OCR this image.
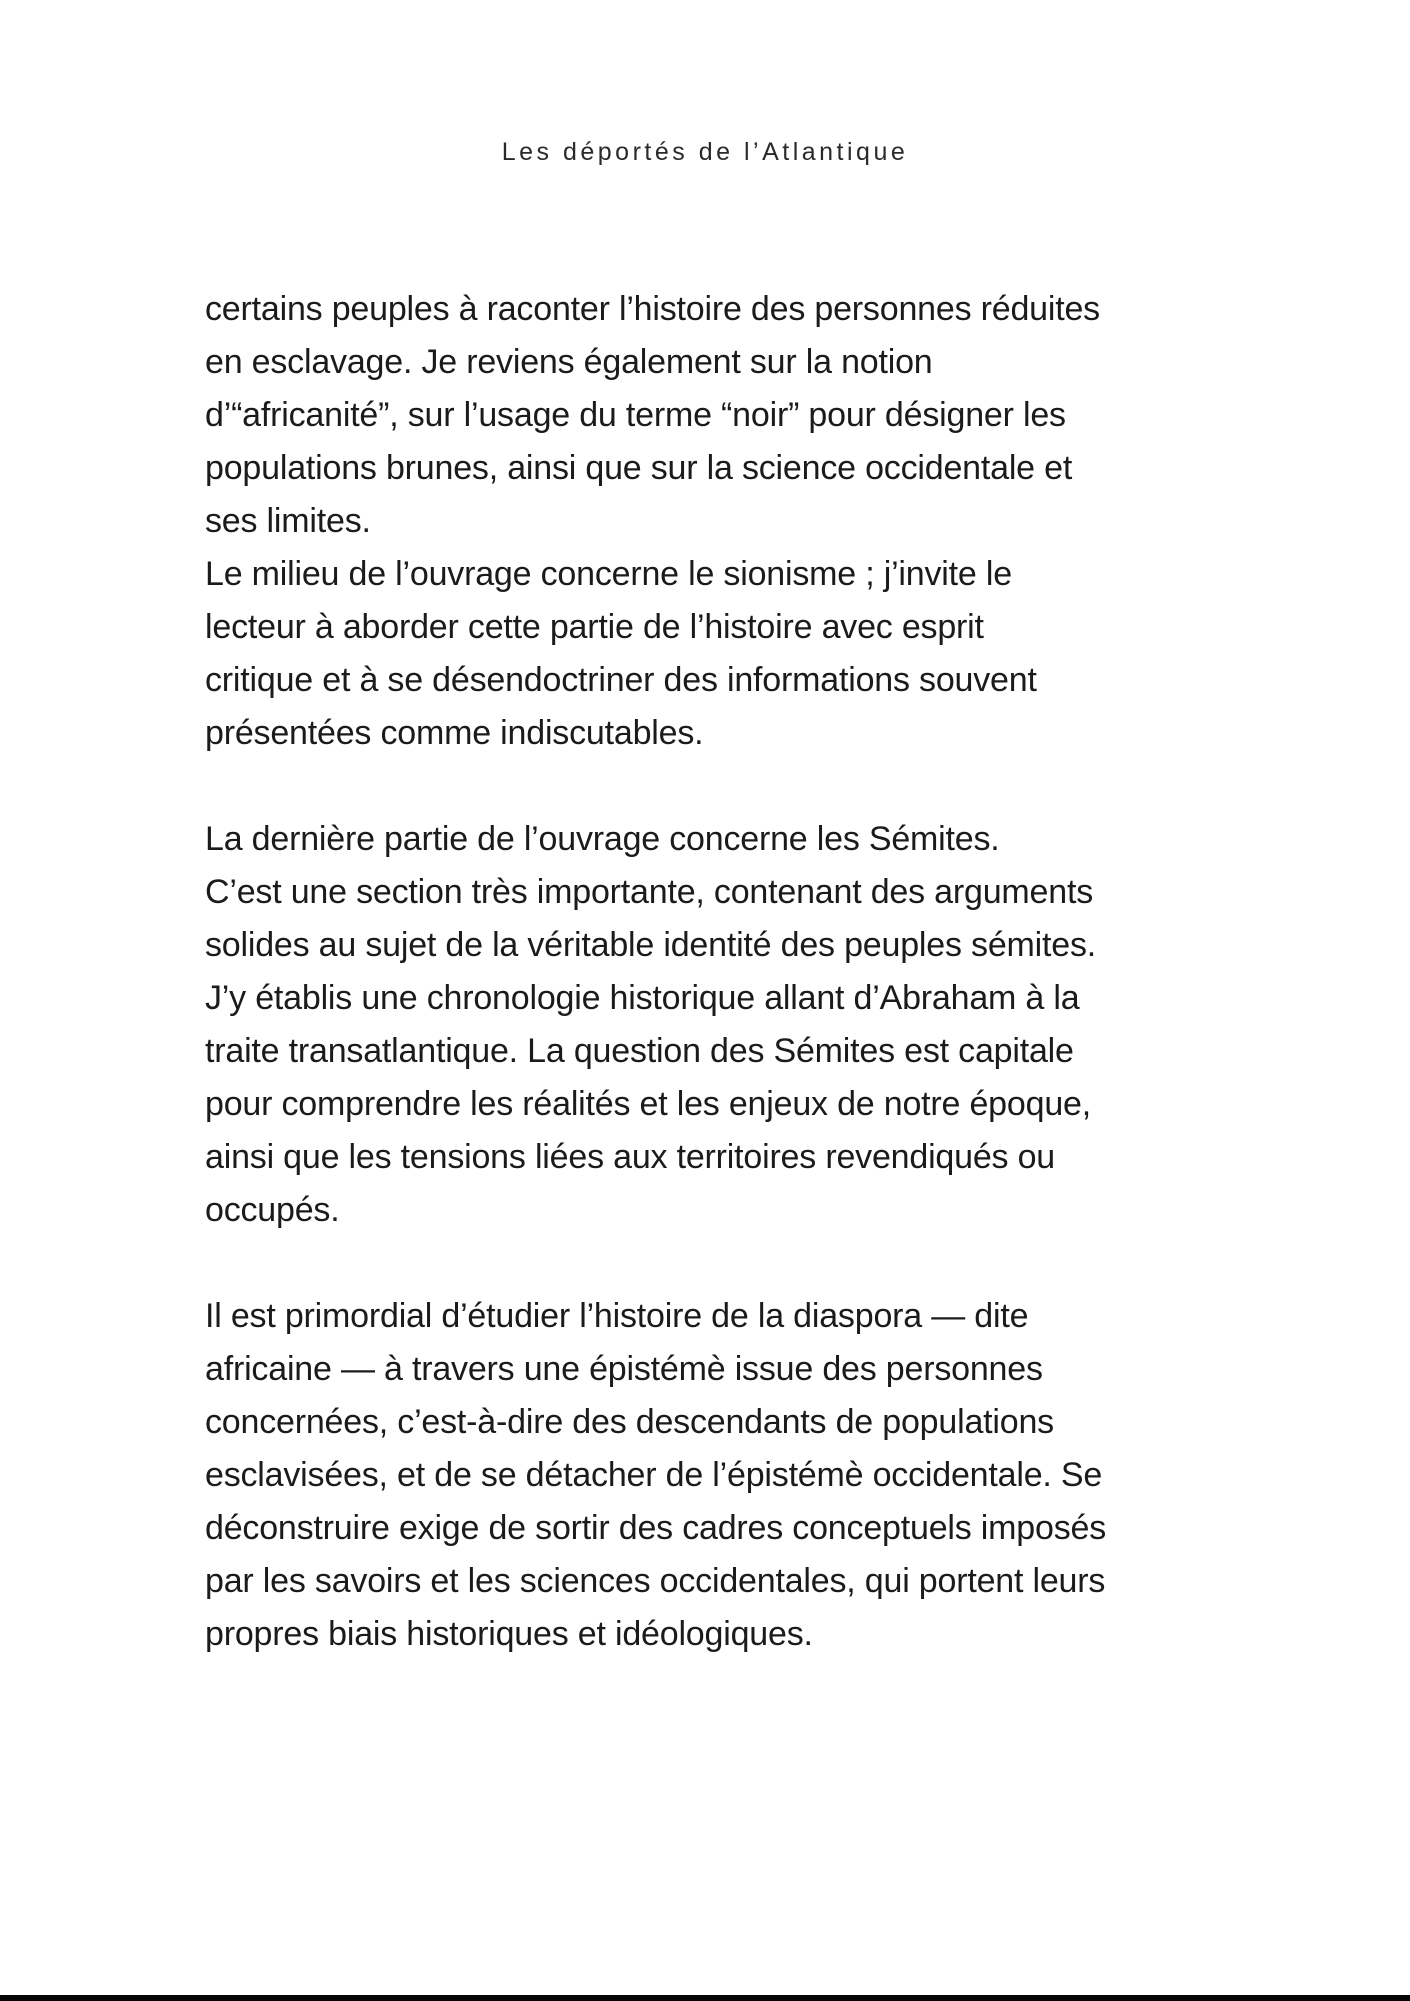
Les déportés de l’Atlantique
certains peuples à raconter l’histoire des personnes réduites
en esclavage. Je reviens également sur la notion
d’“africanité”, sur l’usage du terme “noir” pour désigner les
populations brunes, ainsi que sur la science occidentale et
ses limites.
Le milieu de l’ouvrage concerne le sionisme ; j’invite le
lecteur à aborder cette partie de l’histoire avec esprit
critique et à se désendoctriner des informations souvent
présentées comme indiscutables.
La dernière partie de l’ouvrage concerne les Sémites.
C’est une section très importante, contenant des arguments
solides au sujet de la véritable identité des peuples sémites.
J’y établis une chronologie historique allant d’Abraham à la
traite transatlantique. La question des Sémites est capitale
pour comprendre les réalités et les enjeux de notre époque,
ainsi que les tensions liées aux territoires revendiqués ou
occupés.
Il est primordial d’étudier l’histoire de la diaspora — dite
africaine — à travers une épistémè issue des personnes
concernées, c’est-à-dire des descendants de populations
esclavisées, et de se détacher de l’épistémè occidentale. Se
déconstruire exige de sortir des cadres conceptuels imposés
par les savoirs et les sciences occidentales, qui portent leurs
propres biais historiques et idéologiques.
